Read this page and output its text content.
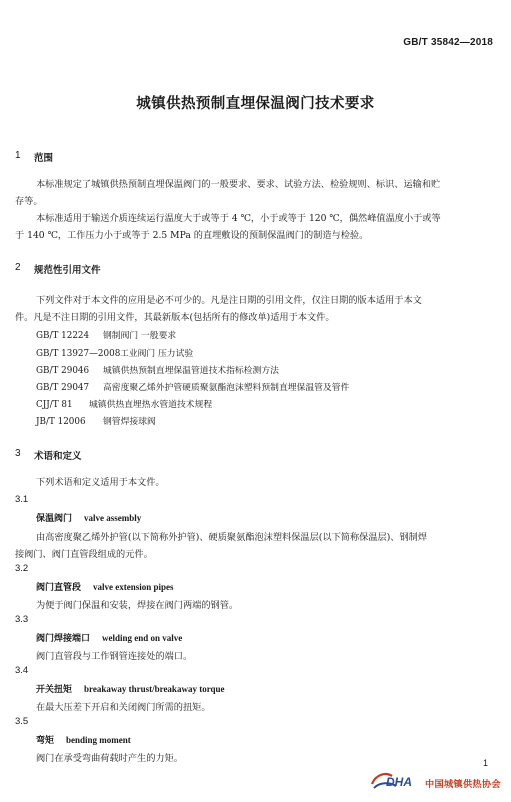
GB/T 35842—2018
城镇供热预制直埋保温阀门技术要求
1 范围
本标准规定了城镇供热预制直埋保温阀门的一般要求、要求、试验方法、检验规则、标识、运输和贮
存等。
本标准适用于输送介质连续运行温度大于或等于 4 ℃，小于或等于 120 ℃，偶然峰值温度小于或等
于 140 ℃，工作压力小于或等于 2.5 MPa 的直埋敷设的预制保温阀门的制造与检验。
2 规范性引用文件
下列文件对于本文件的应用是必不可少的。凡是注日期的引用文件，仅注日期的版本适用于本文
件。凡是不注日期的引用文件，其最新版本(包括所有的修改单)适用于本文件。
GB/T 12224 钢制阀门 一般要求
GB/T 13927—2008工业阀门 压力试验
GB/T 29046 城镇供热预制直埋保温管道技术指标检测方法
GB/T 29047 高密度聚乙烯外护管硬质聚氨酯泡沫塑料预制直埋保温管及管件
CJJ/T 81 城镇供热直埋热水管道技术规程
JB/T 12006 钢管焊接球阀
3 术语和定义
下列术语和定义适用于本文件。
3.1
保温阀门 valve assembly
由高密度聚乙烯外护管(以下简称外护管)、硬质聚氨酯泡沫塑料保温层(以下简称保温层)、钢制焊
接阀门、阀门直管段组成的元件。
3.2
阀门直管段 valve extension pipes
为便于阀门保温和安装，焊接在阀门两端的钢管。
3.3
阀门焊接端口 welding end on valve
阀门直管段与工作钢管连接处的端口。
3.4
开关扭矩 breakaway thrust/breakaway torque
在最大压差下开启和关闭阀门所需的扭矩。
3.5
弯矩 bending moment
阀门在承受弯曲荷载时产生的力矩。	1
DHA 中国城镇供热协会
